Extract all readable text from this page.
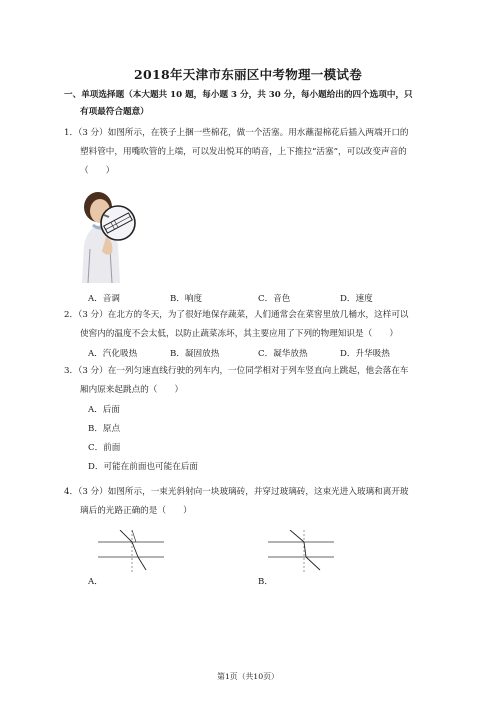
2018年天津市东丽区中考物理一模试卷
一、单项选择题（本大题共 10 题，每小题 3 分，共 30 分，每小题给出的四个选项中，只
有项最符合题意）
1．（3 分）如图所示，在筷子上捆一些棉花，做一个活塞。用水蘸湿棉花后插入两端开口的
塑料管中，用嘴吹管的上端，可以发出悦耳的哨音，上下推拉“活塞”，可以改变声音的
（　　）
A．音调	B．响度	C．音色	D．速度
2．（3 分）在北方的冬天，为了很好地保存蔬菜，人们通常会在菜窖里放几桶水，这样可以
使窖内的温度不会太低，以防止蔬菜冻坏，其主要应用了下列的物理知识是（　　）
A．汽化吸热	B．凝固放热	C．凝华放热	D．升华吸热
3．（3 分）在一列匀速直线行驶的列车内，一位同学相对于列车竖直向上跳起，他会落在车
厢内原来起跳点的（　　）
A．后面
B．原点
C．前面
D．可能在前面也可能在后面
4．（3 分）如图所示，一束光斜射向一块玻璃砖，并穿过玻璃砖，这束光进入玻璃和离开玻
璃后的光路正确的是（　　）
A．	B．
第1页（共10页）
